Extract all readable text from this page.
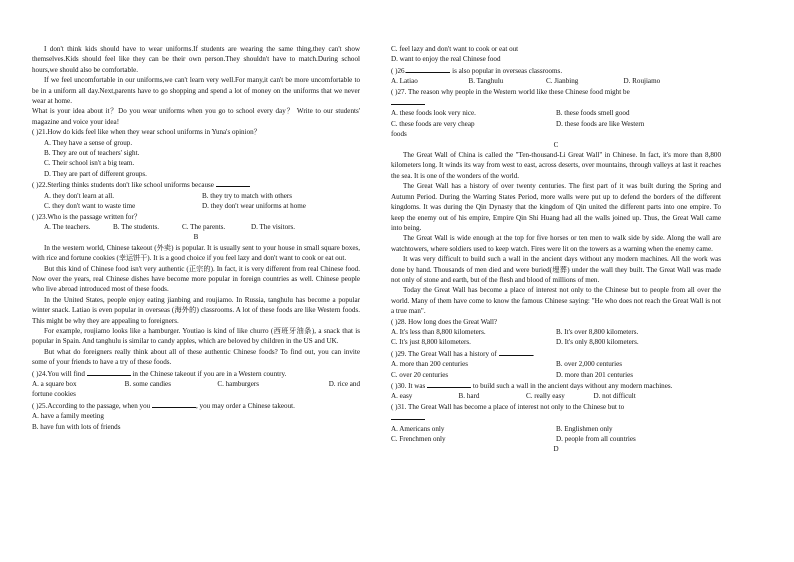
I don't think kids should have to wear uniforms.If students are wearing the same thing,they can't show themselves.Kids should feel like they can be their own person.They shouldn't have to match.During school hours,we should also be comfortable.

If we feel uncomfortable in our uniforms,we can't learn very well.For many,it can't be more uncomfortable to be in a uniform all day.Next,parents have to go shopping and spend a lot of money on the uniforms that we never wear at home.

What is your idea about it？Do you wear uniforms when you go to school every day？ Write to our students' magazine and voice your idea!

( )21.How do kids feel like when they wear school uniforms in Yuna's opinion？

A. They have a sense of group.

B. They are out of teachers' sight.

C. Their school isn't a big team.

D. They are part of different groups.

( )22.Sterling thinks students don't like school uniforms because

A. they don't learn at all.	B. they try to match with others
C. they don't want to waste time	D. they don't wear uniforms at home

( )23.Who is the passage written for？

A. The teachers.	B. The students.	C. The parents.	D. The visitors.

B

In the western world, Chinese takeout (外卖) is popular. It is usually sent to your house in small square boxes, with rice and fortune cookies (幸运饼干). It is a good choice if you feel lazy and don't want to cook or eat out.

But this kind of Chinese food isn't very authentic (正宗的). In fact, it is very different from real Chinese food. Now over the years, real Chinese dishes have become more popular in foreign countries as well. Chinese people who live abroad introduced most of these foods.

In the United States, people enjoy eating jianbing and roujiamo. In Russia, tanghulu has become a popular winter snack. Latiao is even popular in overseas (海外的) classrooms. A lot of these foods are like Western foods. This might be why they are appealing to foreigners.

For example, roujiamo looks like a hamburger. Youtiao is kind of like churro (西班牙油条), a snack that is popular in Spain. And tanghulu is similar to candy apples, which are beloved by children in the US and UK.

But what do foreigners really think about all of these authentic Chinese foods? To find out, you can invite some of your friends to have a try of these foods.

( )24.You will find	in the Chinese takeout if you are in a Western country.

A. a square box	B. some candies	C. hamburgers	D. rice and

fortune cookies

( )25.According to the passage, when you	, you may order a Chinese takeout.

A. have a family meeting

B. have fun with lots of friends

C. feel lazy and don't want to cook or eat out

D. want to enjoy the real Chinese food

( )26.	is also popular in overseas classrooms.

A. Latiao	B. Tanghulu	C. Jianbing	D. Roujiamo

( )27. The reason why people in the Western world like these Chinese food might be

A. these foods look very nice.	B. these foods smell good
C. these foods are very cheap	D. these foods are like Western

foods

C

The Great Wall of China is called the "Ten-thousand-Li Great Wall" in Chinese. In fact, it's more than 8,800 kilometers long. It winds its way from west to east, across deserts, over mountains, through valleys at last it reaches the sea. It is one of the wonders of the world.

The Great Wall has a history of over twenty centuries. The first part of it was built during the Spring and Autumn Period. During the Warring States Period, more walls were put up to defend the borders of the different kingdoms. It was during the Qin Dynasty that the kingdom of Qin united the different parts into one empire. To keep the enemy out of his empire, Empire Qin Shi Huang had all the walls joined up. Thus, the Great Wall came into being.

The Great Wall is wide enough at the top for five horses or ten men to walk side by side. Along the wall are watchtowers, where soldiers used to keep watch. Fires were lit on the towers as a warning when the enemy came.

It was very difficult to build such a wall in the ancient days without any modern machines. All the work was done by hand. Thousands of men died and were buried(埋葬) under the wall they built. The Great Wall was made not only of stone and earth, but of the flesh and blood of millions of men.

Today the Great Wall has become a place of interest not only to the Chinese but to people from all over the world. Many of them have come to know the famous Chinese saying: "He who does not reach the Great Wall is not a true man".

( )28. How long does the Great Wall?

A. It's less than 8,800 kilometers.	B. It's over 8,800 kilometers.
C. It's just 8,800 kilometers.	D. It's only 8,800 kilometers.

( )29. The Great Wall has a history of	.

A. more than 200 centuries	B. over 2,000 centuries
C. over 20 centuries	D. more than 201 centuries

( )30. It was	to build such a wall in the ancient days without any modern machines.

A. easy	B. hard	C. really easy	D. not difficult

( )31. The Great Wall has become a place of interest not only to the Chinese but to

A. Americans only	B. Englishmen only
C. Frenchmen only	D. people from all countries

D
